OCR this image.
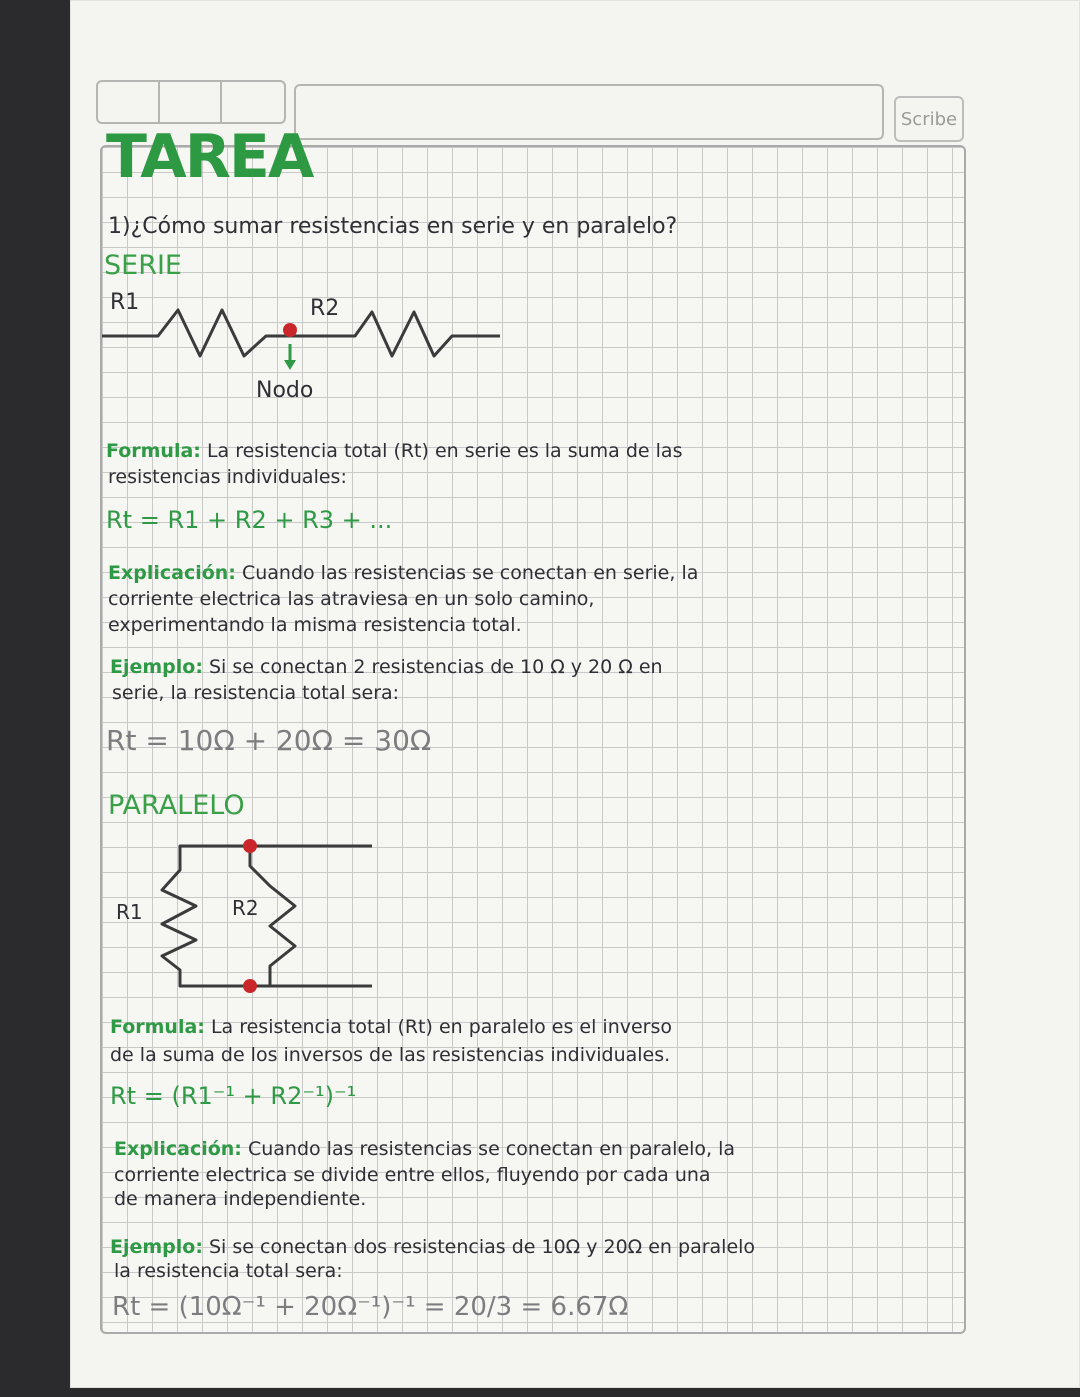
Scribe
TAREA
1)¿Cómo sumar resistencias en serie y en paralelo?
SERIE
R1	R2
Nodo
Formula: La resistencia total (Rt) en serie es la suma de las
resistencias individuales:
Rt = R1 + R2 + R3 + ...
Explicación: Cuando las resistencias se conectan en serie, la
corriente electrica las atraviesa en un solo camino,
experimentando la misma resistencia total.
Ejemplo: Si se conectan 2 resistencias de 10 Ω y 20 Ω en
serie, la resistencia total sera:
Rt = 10Ω + 20Ω = 30Ω
PARALELO
R1	R2
Formula: La resistencia total (Rt) en paralelo es el inverso
de la suma de los inversos de las resistencias individuales.
Rt = (R1⁻¹ + R2⁻¹)⁻¹
Explicación: Cuando las resistencias se conectan en paralelo, la
corriente electrica se divide entre ellos, fluyendo por cada una
de manera independiente.
Ejemplo: Si se conectan dos resistencias de 10Ω y 20Ω en paralelo
la resistencia total sera:
Rt = (10Ω⁻¹ + 20Ω⁻¹)⁻¹ = 20/3 = 6.67Ω
